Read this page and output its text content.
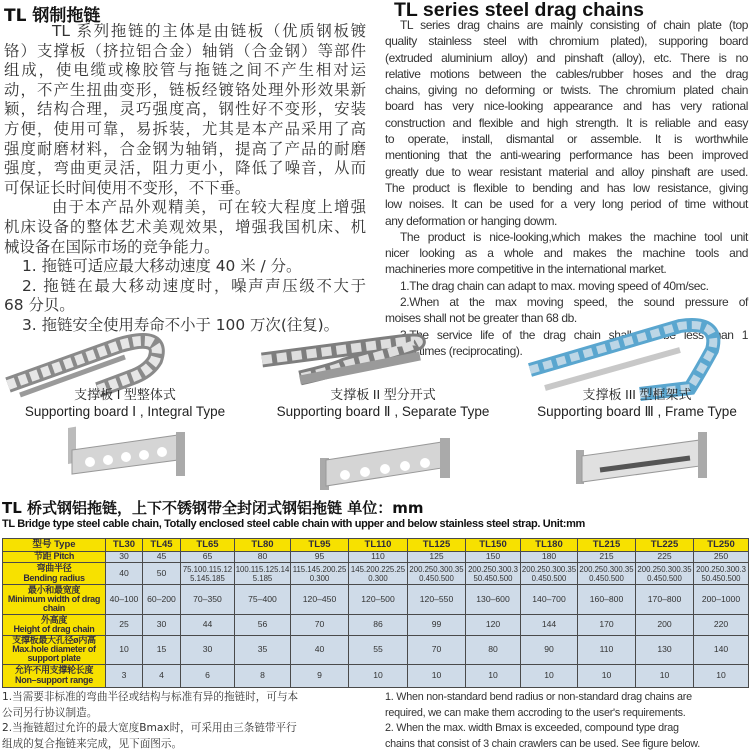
TL 钢制拖链
TL 系列拖链的主体是由链板（优质钢板镀
铬）支撑板（挤拉铝合金）轴销（合金钢）等部件
组成，使电缆或橡胶管与拖链之间不产生相对运
动，不产生扭曲变形，链板经镀铬处理外形效果新
颖，结构合理，灵巧强度高，钢性好不变形，安装
方便，使用可靠，易拆装，尤其是本产品采用了高
强度耐磨材料，合金钢为轴销，提高了产品的耐磨
强度，弯曲更灵活，阻力更小，降低了噪音，从而
可保证长时间使用不变形，不下垂。
由于本产品外观精美，可在较大程度上增强
机床设备的整体艺术美观效果，增强我国机床、机
械设备在国际市场的竞争能力。
1. 拖链可适应最大移动速度 40 米 / 分。
2. 拖链在最大移动速度时，噪声声压级不大于
68 分贝。
3. 拖链安全使用寿命不小于 100 万次(往复)。
TL series steel drag chains
TL series drag chains are mainly consisting of chain plate (top
quality stainless steel with chromium plated), supporing board
(extruded aluminium alloy) and pinshaft (alloy), etc. There is no
relative motions between the cables/rubber hoses and the drag
chains, giving no deforming or twists. The chromium plated chain
board has very nice-looking appearance and has very rational
construction and flexible and high strength. It is reliable and easy
to operate, install, dismantal or assemble. It is worthwhile
mentioning that the anti-wearing performance has been improved
greatly due to wear resistant material and alloy pinshaft are used.
The product is flexible to bending and has low resistance, giving
low noises. It can be used for a very long period of time without
any deformation or hanging dowm.
The product is nice-looking,which makes the machine tool unit
nicer looking as a whole and makes the machine tools and
machineries more competitive in the international market.
1.The drag chain can adapt to max. moving speed of 40m/sec.
2.When at the max moving speed, the sound pressure of
moises shall not be greater than 68 db.
3.The service life of the drag chain shall not be less than 1
million times (reciprocating).
支撑板 I 型整体式
Supporting board Ⅰ , Integral Type
支撑板 II 型分开式
Supporting board Ⅱ , Separate Type
支撑板 III 型框架式
Supporting board Ⅲ , Frame Type
TL 桥式钢铝拖链，上下不锈钢带全封闭式钢铝拖链 单位：mm
TL Bridge type steel cable chain, Totally enclosed steel cable chain with upper and below stainless steel strap. Unit:mm
型号 Type	TL30	TL45	TL65	TL80	TL95	TL110	TL125	TL150	TL180	TL215	TL225	TL250

节距 Pitch	30	45	65	80	95	110	125	150	180	215	225	250

弯曲半径
Bending radius	40	50	75.100.115.125.145.185	100.115.125.145.185	115.145.200.250.300	145.200.225.250.300	200.250.300.350.450.500	200.250.300.350.450.500	200.250.300.350.450.500	200.250.300.350.450.500	200.250.300.350.450.500	200.250.300.350.450.500

最小和最宽度
Minimum width of drag chain	40–100	60–200	70–350	75–400	120–450	120–500	120–550	130–600	140–700	160–800	170–800	200–1000

外高度
Height of drag chain	25	30	44	56	70	86	99	120	144	170	200	220

支撑板最大孔径ø内高
Max.hole diameter of support plate	10	15	30	35	40	55	70	80	90	110	130	140

允许不用支撑轮长度
Non–support range	3	4	6	8	9	10	10	10	10	10	10	10
1.当需要非标准的弯曲半径或结构与标准有异的拖链时，可与本
公司另行协议制造。
2.当拖链超过允许的最大宽度Bmax时，可采用由三条链带平行
组成的复合拖链来完成，见下面图示。
1. When non-standard bend radius or non-standard drag chains are
required, we can make them accroding to the user's requirements.
2. When the max. width Bmax is exceeded, compound type drag
chains that consist of 3 chain crawlers can be used. See figure below.
